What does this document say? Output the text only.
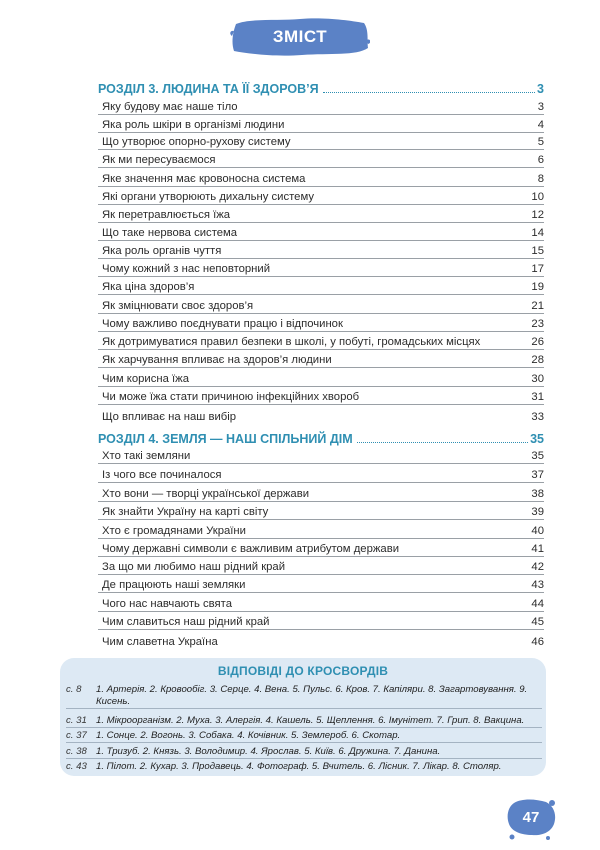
ЗМІСТ
РОЗДІЛ 3. ЛЮДИНА ТА ЇЇ ЗДОРОВ’Я	3
Яку будову має наше тіло	3
Яка роль шкіри в організмі людини	4
Що утворює опорно-рухову систему	5
Як ми пересуваємося	6
Яке значення має кровоносна система	8
Які органи утворюють дихальну систему	10
Як перетравлюється їжа	12
Що таке нервова система	14
Яка роль органів чуття	15
Чому кожний з нас неповторний	17
Яка ціна здоров’я	19
Як зміцнювати своє здоров’я	21
Чому важливо поєднувати працю і відпочинок	23
Як дотримуватися правил безпеки в школі, у побуті, громадських місцях	26
Як харчування впливає на здоров’я людини	28
Чим корисна їжа	30
Чи може їжа стати причиною інфекційних хвороб	31
Що впливає на наш вибір	33
РОЗДІЛ 4. ЗЕМЛЯ — НАШ СПІЛЬНИЙ ДІМ	35
Хто такі земляни	35
Із чого все починалося	37
Хто вони — творці української держави	38
Як знайти Україну на карті світу	39
Хто є громадянами України	40
Чому державні символи є важливим атрибутом держави	41
За що ми любимо наш рідний край	42
Де працюють наші земляки	43
Чого нас навчають свята	44
Чим славиться наш рідний край	45
Чим славетна Україна	46
ВІДПОВІДІ ДО КРОСВОРДІВ
с. 8	1. Артерія. 2. Кровообіг. 3. Серце. 4. Вена. 5. Пульс. 6. Кров. 7. Капіляри. 8. Загартовування. 9. Кисень.
с. 31 1. Мікроорганізм. 2. Муха. 3. Алергія. 4. Кашель. 5. Щеплення. 6. Імунітет. 7. Грип. 8. Вакцина.
с. 37 1. Сонце. 2. Вогонь. 3. Собака. 4. Кочівник. 5. Землероб. 6. Скотар.
с. 38 1. Тризуб. 2. Князь. 3. Володимир. 4. Ярослав. 5. Київ. 6. Дружина. 7. Данина.
с. 43 1. Пілот. 2. Кухар. 3. Продавець. 4. Фотограф. 5. Вчитель. 6. Лісник. 7. Лікар. 8. Столяр.
47
